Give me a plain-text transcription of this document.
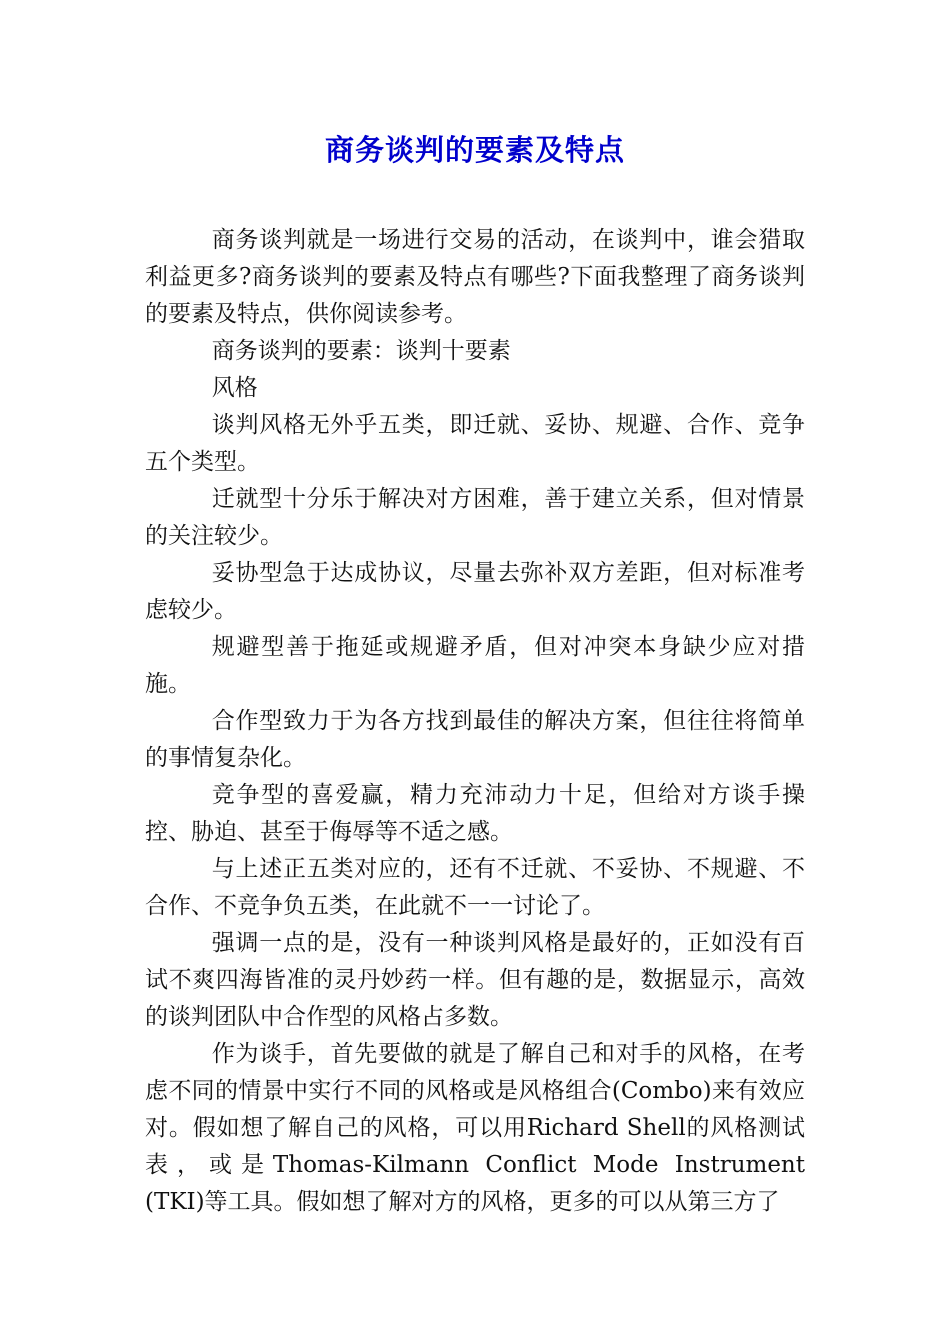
商务谈判的要素及特点

商务谈判就是一场进行交易的活动，在谈判中，谁会猎取利益更多?商务谈判的要素及特点有哪些?下面我整理了商务谈判的要素及特点，供你阅读参考。

商务谈判的要素：谈判十要素

风格

谈判风格无外乎五类，即迁就、妥协、规避、合作、竞争五个类型。

迁就型十分乐于解决对方困难，善于建立关系，但对情景的关注较少。

妥协型急于达成协议，尽量去弥补双方差距，但对标准考虑较少。

规避型善于拖延或规避矛盾，但对冲突本身缺少应对措施。

合作型致力于为各方找到最佳的解决方案，但往往将简单的事情复杂化。

竞争型的喜爱赢，精力充沛动力十足，但给对方谈手操控、胁迫、甚至于侮辱等不适之感。

与上述正五类对应的，还有不迁就、不妥协、不规避、不合作、不竞争负五类，在此就不一一讨论了。

强调一点的是，没有一种谈判风格是最好的，正如没有百试不爽四海皆准的灵丹妙药一样。但有趣的是，数据显示，高效的谈判团队中合作型的风格占多数。

作为谈手，首先要做的就是了解自己和对手的风格，在考虑不同的情景中实行不同的风格或是风格组合(Combo)来有效应对。假如想了解自己的风格，可以用Richard Shell的风格测试表，或是Thomas-Kilmann Conflict Mode Instrument (TKI)等工具。假如想了解对方的风格，更多的可以从第三方了
